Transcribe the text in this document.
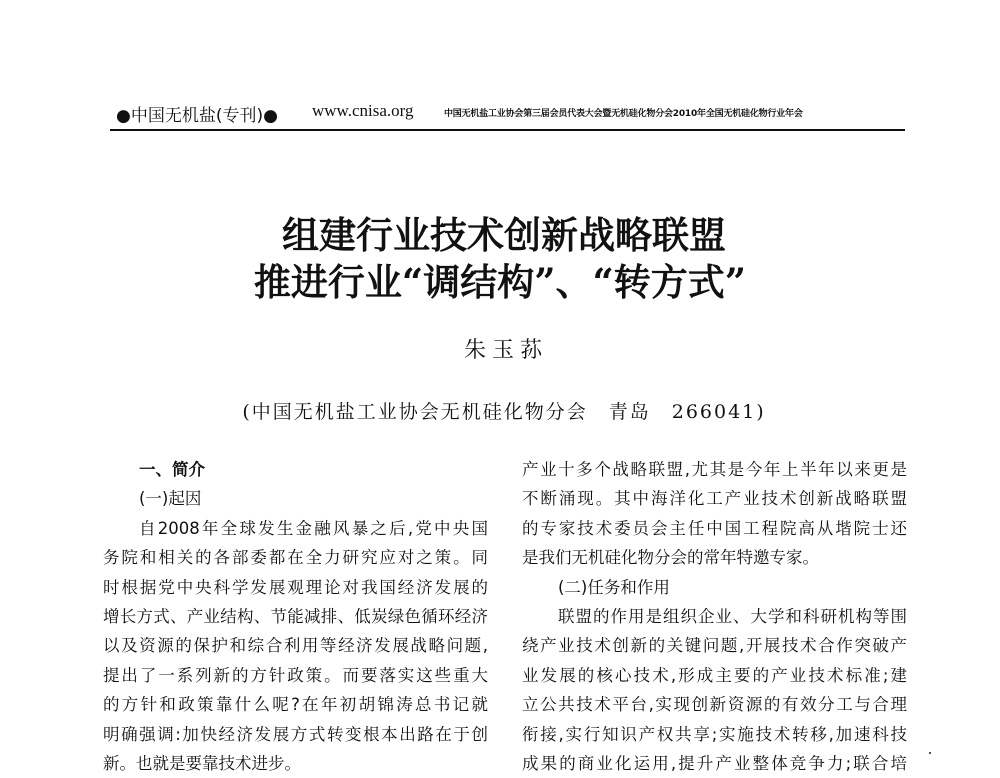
●中国无机盐(专刊)● www.cnisa.org	中国无机盐工业协会第三届会员代表大会暨无机硅化物分会2010年全国无机硅化物行业年会
组建行业技术创新战略联盟
推进行业“调结构”、“转方式”
朱玉荪
(中国无机盐工业协会无机硅化物分会　青岛　266041)
一、简介
(一)起因
自2008年全球发生金融风暴之后,党中央国
务院和相关的各部委都在全力研究应对之策。同
时根据党中央科学发展观理论对我国经济发展的
增长方式、产业结构、节能减排、低炭绿色循环经济
以及资源的保护和综合利用等经济发展战略问题,
提出了一系列新的方针政策。而要落实这些重大
的方针和政策靠什么呢?在年初胡锦涛总书记就
明确强调:加快经济发展方式转变根本出路在于创
新。也就是要靠技术进步。
产业十多个战略联盟,尤其是今年上半年以来更是
不断涌现。其中海洋化工产业技术创新战略联盟
的专家技术委员会主任中国工程院高从堦院士还
是我们无机硅化物分会的常年特邀专家。
(二)任务和作用
联盟的作用是组织企业、大学和科研机构等围
绕产业技术创新的关键问题,开展技术合作突破产
业发展的核心技术,形成主要的产业技术标准;建
立公共技术平台,实现创新资源的有效分工与合理
衔接,实行知识产权共享;实施技术转移,加速科技
成果的商业化运用,提升产业整体竞争力;联合培
